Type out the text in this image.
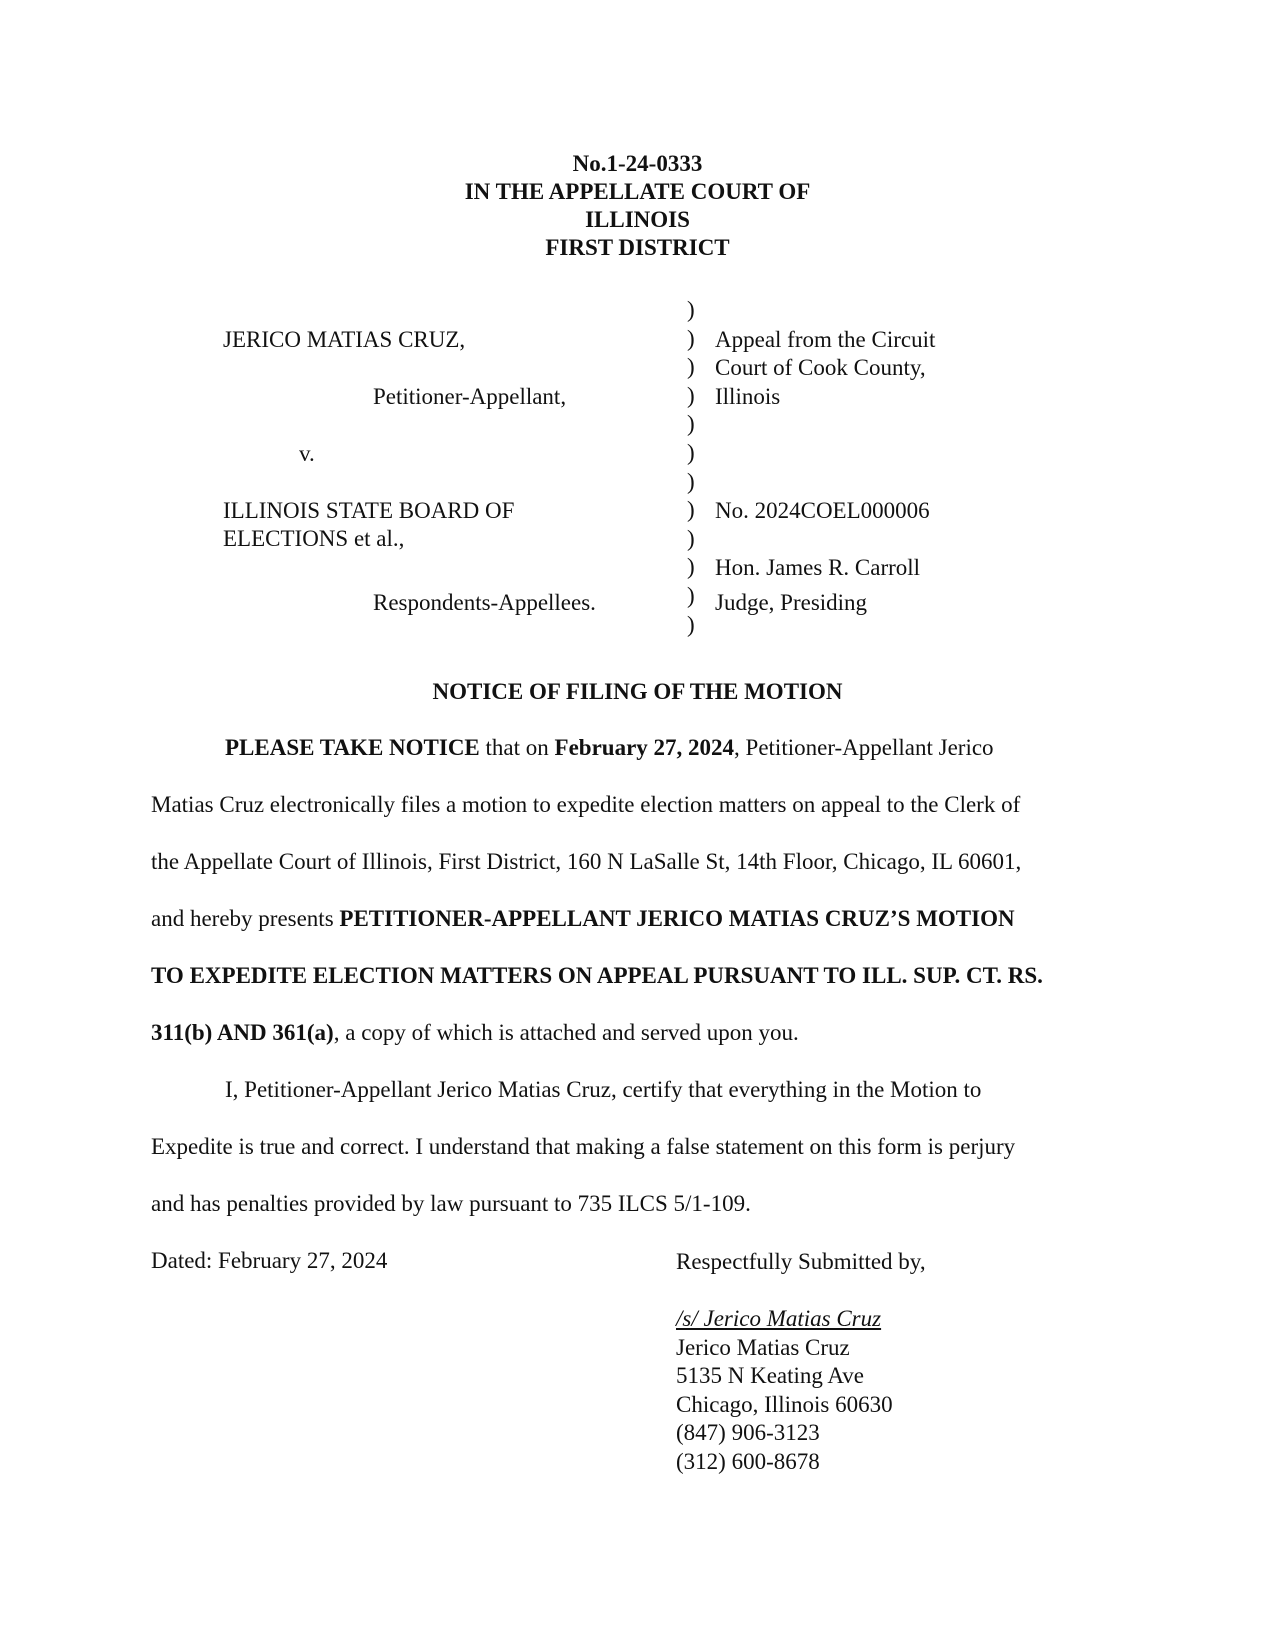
No.1-24-0333
IN THE APPELLATE COURT OF
ILLINOIS
FIRST DISTRICT
JERICO MATIAS CRUZ,
Petitioner-Appellant,
v.
ILLINOIS STATE BOARD OF
ELECTIONS et al.,
Respondents-Appellees.
)
)
)
)
)
)
)
)
)
)
)
)
Appeal from the Circuit
Court of Cook County,
Illinois
No. 2024COEL000006
Hon. James R. Carroll
Judge, Presiding
NOTICE OF FILING OF THE MOTION
PLEASE TAKE NOTICE that on February 27, 2024, Petitioner-Appellant Jerico
Matias Cruz electronically files a motion to expedite election matters on appeal to the Clerk of
the Appellate Court of Illinois, First District, 160 N LaSalle St, 14th Floor, Chicago, IL 60601,
and hereby presents PETITIONER-APPELLANT JERICO MATIAS CRUZ’S MOTION
TO EXPEDITE ELECTION MATTERS ON APPEAL PURSUANT TO ILL. SUP. CT. RS.
311(b) AND 361(a), a copy of which is attached and served upon you.
I, Petitioner-Appellant Jerico Matias Cruz, certify that everything in the Motion to
Expedite is true and correct. I understand that making a false statement on this form is perjury
and has penalties provided by law pursuant to 735 ILCS 5/1-109.
Dated: February 27, 2024	Respectfully Submitted by,
/s/ Jerico Matias Cruz
Jerico Matias Cruz
5135 N Keating Ave
Chicago, Illinois 60630
(847) 906-3123
(312) 600-8678
